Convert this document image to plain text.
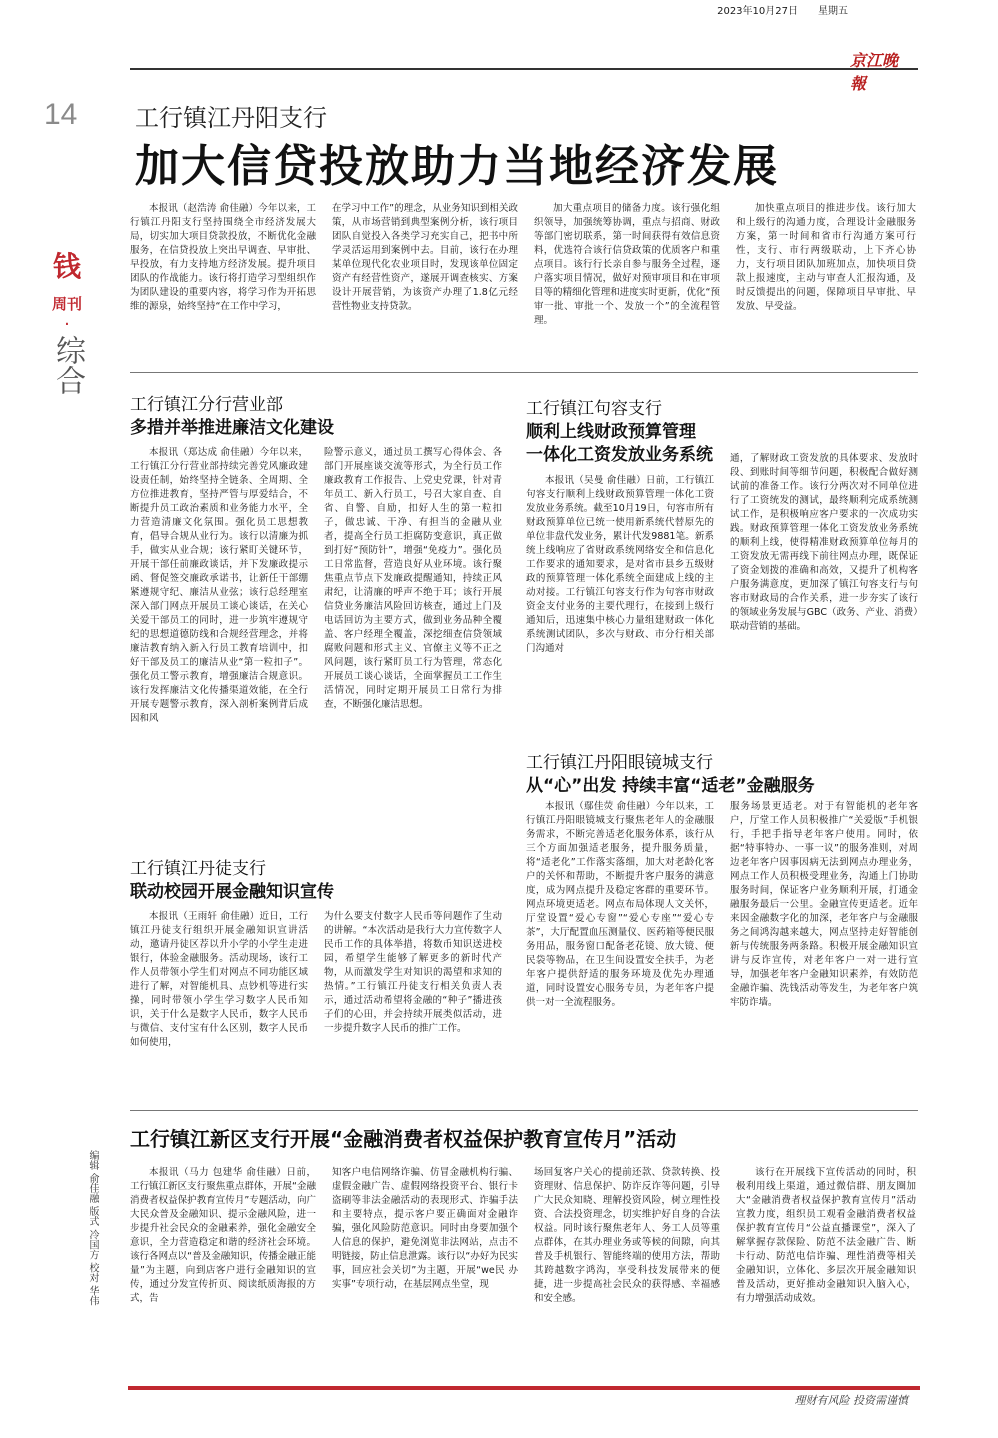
2023年10月27日 星期五
京江晚報
14
钱
周刊
·
综合
工行镇江丹阳支行
加大信贷投放助力当地经济发展

本报讯（赵浩涛 俞佳融）今年以来，工行镇江丹阳支行坚持围绕全市经济发展大局，切实加大项目贷款投放，不断优化金融服务，在信贷投放上突出早调查、早审批、早投放，有力支持地方经济发展。提升项目团队的作战能力。该行将打造学习型组织作为团队建设的重要内容，将学习作为开拓思维的源泉，始终坚持“在工作中学习，

在学习中工作”的理念，从业务知识到相关政策，从市场营销到典型案例分析，该行项目团队自觉投入各类学习充实自己，把书中所学灵活运用到案例中去。目前，该行在办理某单位现代化农业项目时，发现该单位固定资产有经营性资产，遂展开调查核实、方案设计开展营销，为该资产办理了1.8亿元经营性物业支持贷款。

加大重点项目的储备力度。该行强化组织领导，加强统筹协调，重点与招商、财政等部门密切联系，第一时间获得有效信息资料，优选符合该行信贷政策的优质客户和重点项目。该行行长亲自参与服务全过程，逐户落实项目情况，做好对预审项目和在审项目等的精细化管理和进度实时更新，优化“预审一批、审批一个、发放一个”的全流程管理。

加快重点项目的推进步伐。该行加大和上级行的沟通力度，合理设计金融服务方案，第一时间和省市行沟通方案可行性，支行、市行两级联动，上下齐心协力，支行项目团队加班加点，加快项目贷款上报速度，主动与审查人汇报沟通，及时反馈提出的问题，保障项目早审批、早发放、早受益。

工行镇江分行营业部
多措并举推进廉洁文化建设

本报讯（郑达成 俞佳融）今年以来，工行镇江分行营业部持续完善党风廉政建设责任制，始终坚持全链条、全周期、全方位推进教育，坚持严管与厚爱结合，不断提升员工政治素质和业务能力水平，全力营造清廉文化氛围。强化员工思想教育，倡导合规从业行为。该行以清廉为抓手，做实从业合规；该行紧盯关键环节，开展干部任前廉政谈话，并下发廉政提示函、督促签交廉政承诺书，让新任干部绷紧遵规守纪、廉洁从业弦；该行总经理室深入部门网点开展员工谈心谈话，在关心关爱干部员工的同时，进一步筑牢遵规守纪的思想道德防线和合规经营理念，并将廉洁教育纳入新入行员工教育培训中，扣好干部及员工的廉洁从业“第一粒扣子”。强化员工警示教育，增强廉洁合规意识。该行发挥廉洁文化传播渠道效能，在全行开展专题警示教育，深入剖析案例背后成因和风

险警示意义，通过员工撰写心得体会、各部门开展座谈交流等形式，为全行员工作廉政教育工作报告、上党史党课，针对青年员工、新入行员工，号召大家自查、自省、自警、自励，扣好人生的第一粒扣子，做忠诚、干净、有担当的金融从业者，提高全行员工拒腐防变意识，真正做到打好“预防针”，增强“免疫力”。强化员工日常监督，营造良好从业环境。该行聚焦重点节点下发廉政提醒通知，持续正风肃纪，让清廉的呼声不绝于耳；该行开展信贷业务廉洁风险回访核查，通过上门及电话回访为主要方式，做到业务品种全覆盖、客户经理全覆盖，深挖细查信贷领域腐败问题和形式主义、官僚主义等不正之风问题，该行紧盯员工行为管理，常态化开展员工谈心谈话，全面掌握员工工作生活情况，同时定期开展员工日常行为排查，不断强化廉洁思想。

工行镇江句容支行
顺利上线财政预算管理
一体化工资发放业务系统

本报讯（吴曼 俞佳融）日前，工行镇江句容支行顺利上线财政预算管理一体化工资发放业务系统。截至10月19日，句容市所有财政预算单位已统一使用新系统代替原先的单位非盘代发业务，累计代发9881笔。新系统上线响应了省财政系统网络安全和信息化工作要求的通知要求，是对省市县乡五级财政的预算管理一体化系统全面建成上线的主动对接。工行镇江句容支行作为句容市财政资金支付业务的主要代理行，在接到上级行通知后，迅速集中核心力量组建财政一体化系统测试团队，多次与财政、市分行相关部门沟通对

通，了解财政工资发放的具体要求、发放时段、到账时间等细节问题，积极配合做好测试前的准备工作。该行分两次对不同单位进行了工资统发的测试，最终顺利完成系统测试工作，是积极响应客户要求的一次成功实践。财政预算管理一体化工资发放业务系统的顺利上线，使得精准财政预算单位每月的工资发放无需再线下前往网点办理，既保证了资金划拨的准确和高效，又提升了机构客户服务满意度，更加深了镇江句容支行与句容市财政局的合作关系，进一步夯实了该行的领域业务发展与GBC（政务、产业、消费）联动营销的基础。

工行镇江丹阳眼镜城支行
从“心”出发 持续丰富“适老”金融服务

本报讯（鄢佳荧 俞佳融）今年以来，工行镇江丹阳眼镜城支行聚焦老年人的金融服务需求，不断完善适老化服务体系，该行从三个方面加强适老服务，提升服务质量，将“适老化”工作落实落细，加大对老龄化客户的关怀和帮助，不断提升客户服务的满意度，成为网点提升及稳定客群的重要环节。网点环境更适老。网点布局体现人文关怀，厅堂设置“爱心专窗”“爱心专座”“爱心专茶”，大厅配置血压测量仪、医药箱等便民服务用品，服务窗口配备老花镜、放大镜、便民袋等物品，在卫生间设置安全扶手，为老年客户提供舒适的服务环境及优先办理通道，同时设置安心服务专员，为老年客户提供一对一全流程服务。

服务场景更适老。对于有智能机的老年客户，厅堂工作人员积极推广“关爱版”手机银行，手把手指导老年客户使用。同时，依据“特事特办、一事一议”的服务准则，对周边老年客户因事因病无法到网点办理业务，网点工作人员积极受理业务，沟通上门协助服务时间，保证客户业务顺利开展，打通金融服务最后一公里。金融宣传更适老。近年来因金融数字化的加深，老年客户与金融服务之间鸿沟越来越大，网点坚持走好智能创新与传统服务两条路。积极开展金融知识宣讲与反诈宣传，对老年客户一对一进行宣导，加强老年客户金融知识素养，有效防范金融诈骗、洗钱活动等发生，为老年客户筑牢防诈墙。

工行镇江丹徒支行
联动校园开展金融知识宣传

本报讯（王雨轩 俞佳融）近日，工行镇江丹徒支行组织开展金融知识宣讲活动，邀请丹徒区荐以升小学的小学生走进银行，体验金融服务。活动现场，该行工作人员带领小学生们对网点不同功能区域进行了解，对智能机具、点钞机等进行实操，同时带领小学生学习数字人民币知识，关于什么是数字人民币，数字人民币与微信、支付宝有什么区别，数字人民币如何使用，

为什么要支付数字人民币等问题作了生动的讲解。“本次活动是我行大力宣传数字人民币工作的具体举措，将数币知识送进校园，希望学生能够了解更多的新时代产物，从而激发学生对知识的渴望和求知的热情。”工行镇江丹徒支行相关负责人表示，通过活动希望将金融的“种子”播进孩子们的心田，并会持续开展类似活动，进一步提升数字人民币的推广工作。

工行镇江新区支行开展“金融消费者权益保护教育宣传月”活动

本报讯（马力 包建华 俞佳融）日前，工行镇江新区支行聚焦重点群体，开展“金融消费者权益保护教育宣传月”专题活动，向广大民众普及金融知识、提示金融风险，进一步提升社会民众的金融素养，强化金融安全意识，全力营造稳定和谐的经济社会环境。该行各网点以“普及金融知识，传播金融正能量”为主题，向到店客户进行金融知识的宣传，通过分发宣传折页、阅读纸质海报的方式，告

知客户电信网络诈骗、仿冒金融机构行骗、虚假金融广告、虚假网络投资平台、银行卡盗刷等非法金融活动的表现形式、诈骗手法和主要特点，提示客户要正确面对金融诈骗，强化风险防范意识。同时由身要加强个人信息的保护，避免浏览非法网站，点击不明链接，防止信息泄露。该行以“办好为民实事，回应社会关切”为主题，开展“we民 办实事”专项行动，在基层网点坐堂，现

场回复客户关心的提前还款、贷款转换、投资理财、信息保护、防诈反诈等问题，引导广大民众知晓、理解投资风险，树立理性投资、合法投资理念，切实维护好自身的合法权益。同时该行聚焦老年人、务工人员等重点群体，在其办理业务或等候的间隙，向其普及手机银行、智能终端的使用方法，帮助其跨越数字鸿沟，享受科技发展带来的便捷，进一步提高社会民众的获得感、幸福感和安全感。

该行在开展线下宣传活动的同时，积极利用线上渠道，通过微信群、朋友圈加大“金融消费者权益保护教育宣传月”活动宣教力度，组织员工观看金融消费者权益保护教育宣传月“公益直播课堂”，深入了解掌握存款保险、防范不法金融广告、断卡行动、防范电信诈骗、理性消费等相关金融知识，立体化、多层次开展金融知识普及活动，更好推动金融知识入脑入心，有力增强活动成效。

编辑 俞佳融 版式 冷国方 校对 华伟
理财有风险 投资需谨慎
